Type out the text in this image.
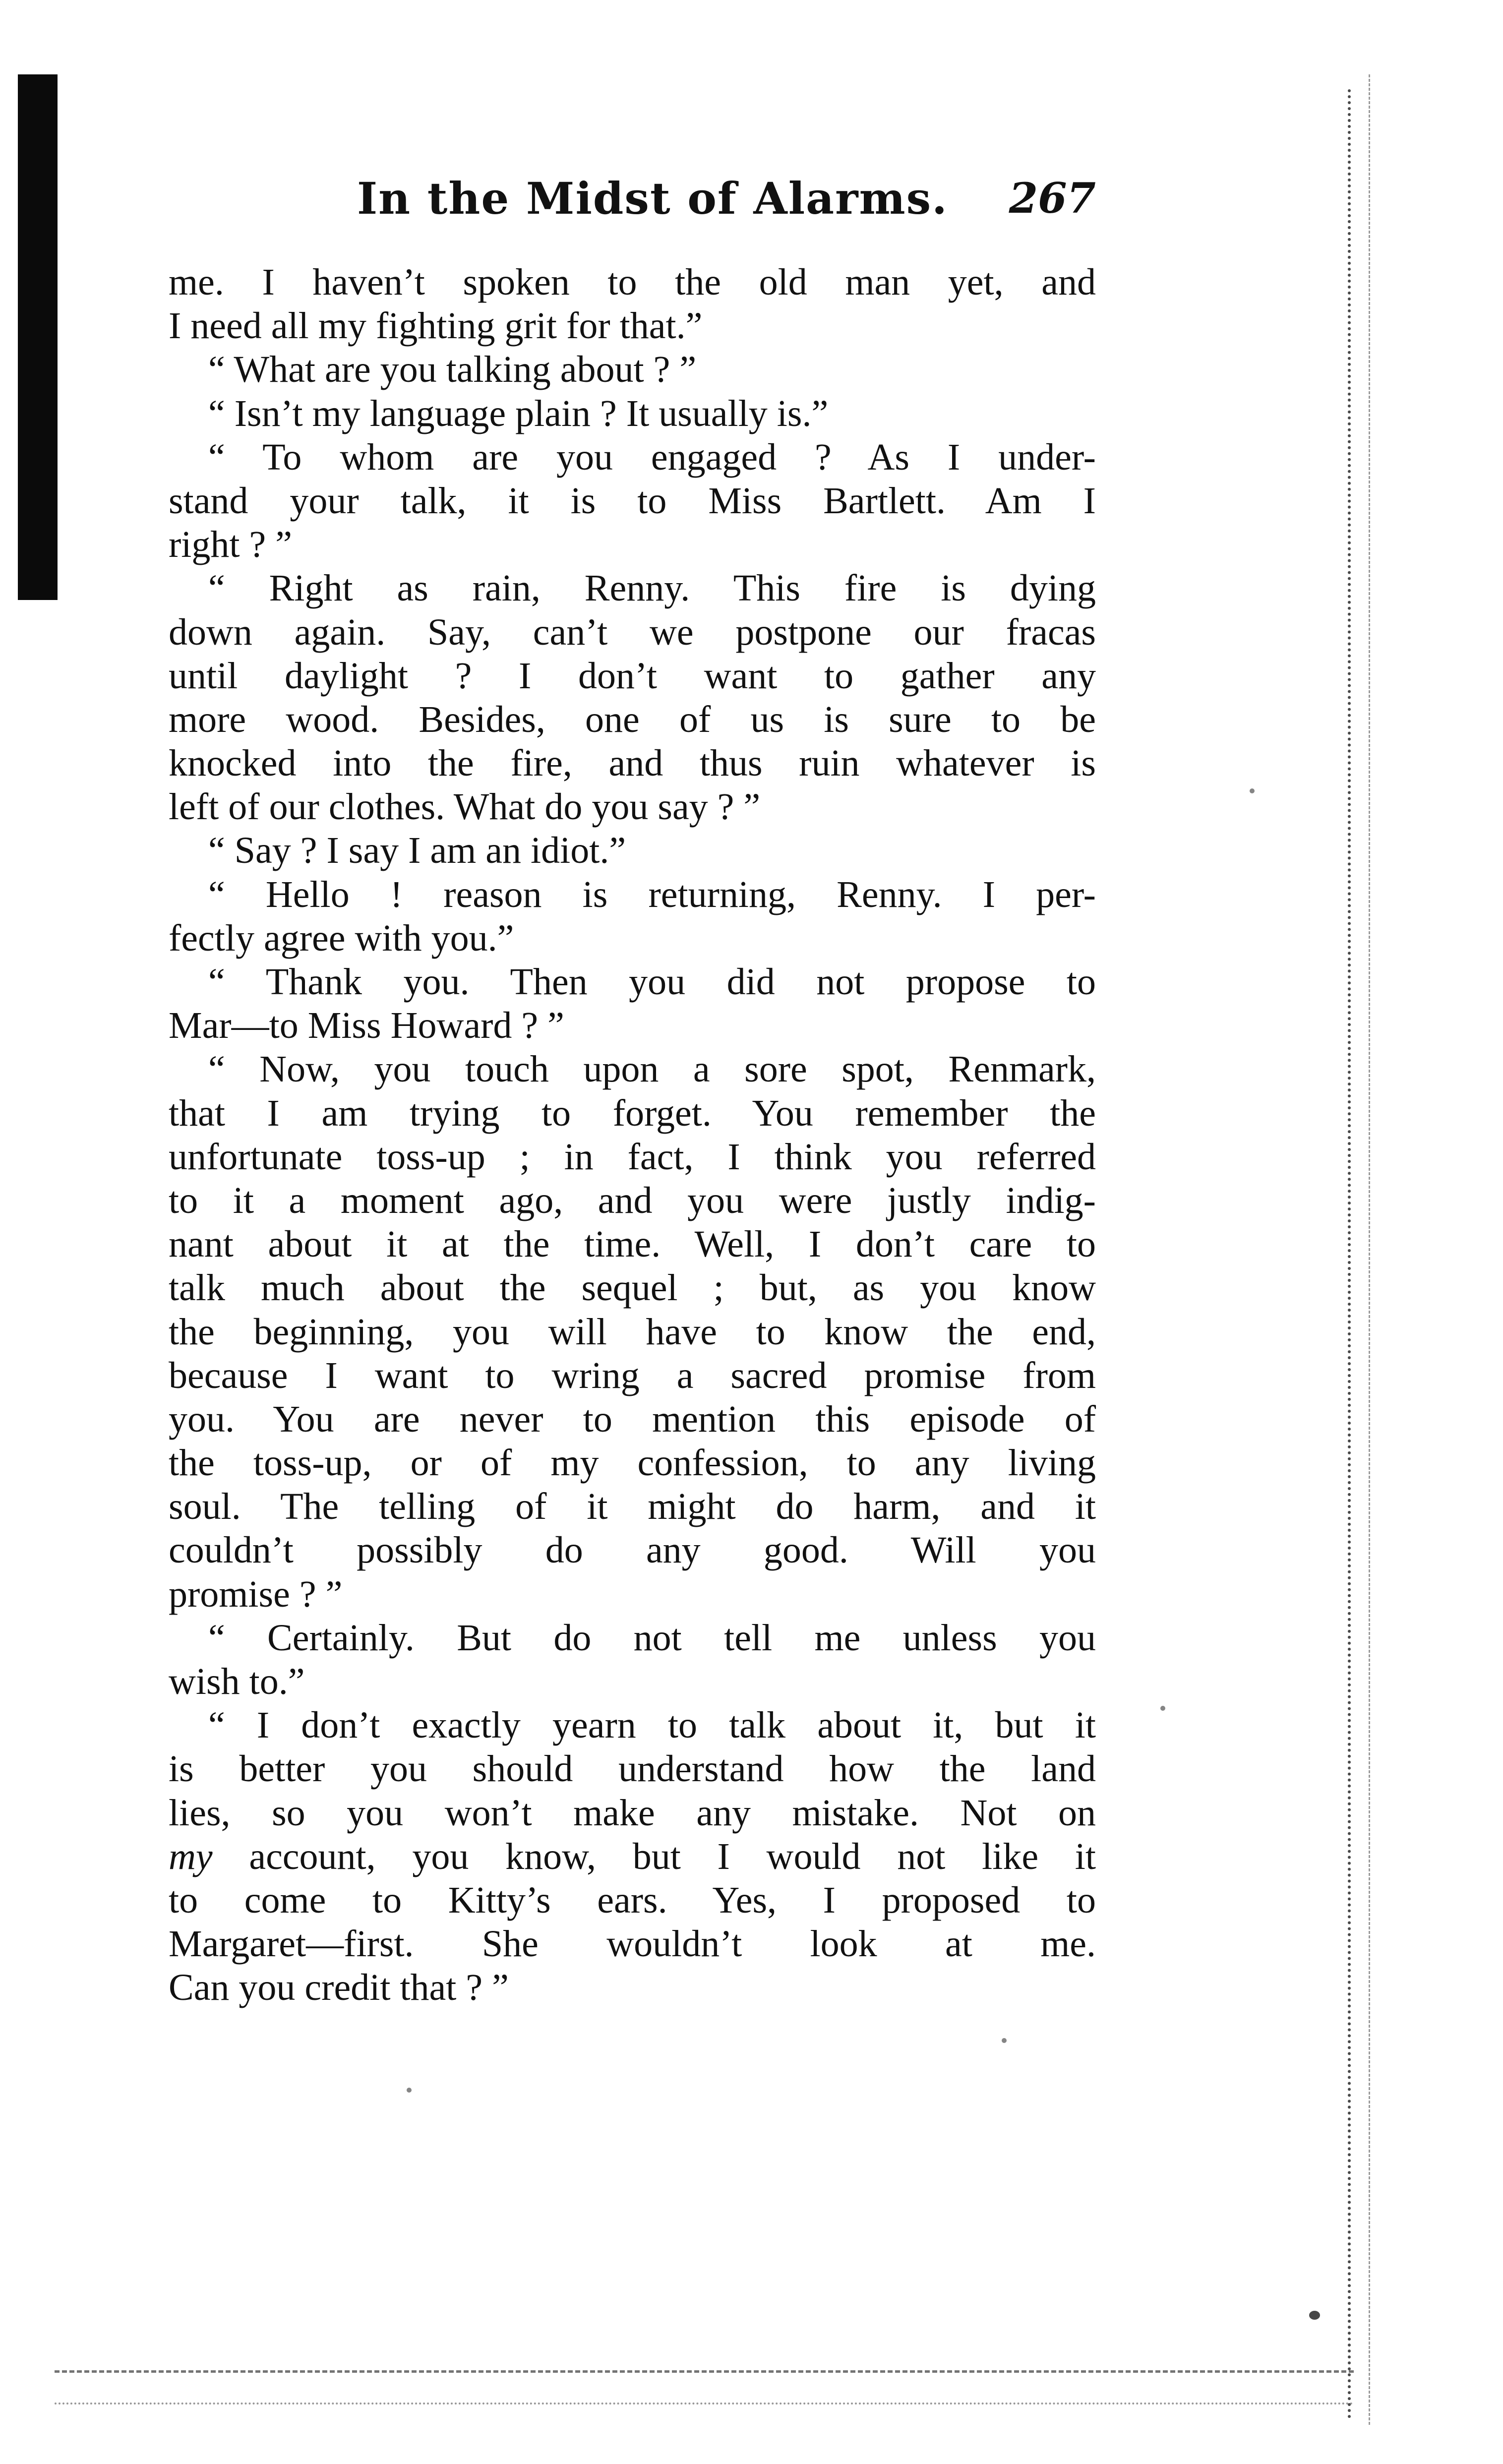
In the Midst of Alarms. 267
me. I haven’t spoken to the old man yet, and
I need all my fighting grit for that.”
“ What are you talking about ? ”
“ Isn’t my language plain ? It usually is.”
“ To whom are you engaged ? As I under-
stand your talk, it is to Miss Bartlett. Am I
right ? ”
“ Right as rain, Renny. This fire is dying
down again. Say, can’t we postpone our fracas
until daylight ? I don’t want to gather any
more wood. Besides, one of us is sure to be
knocked into the fire, and thus ruin whatever is
left of our clothes. What do you say ? ”
“ Say ? I say I am an idiot.”
“ Hello ! reason is returning, Renny. I per-
fectly agree with you.”
“ Thank you. Then you did not propose to
Mar—to Miss Howard ? ”
“ Now, you touch upon a sore spot, Renmark,
that I am trying to forget. You remember the
unfortunate toss-up ; in fact, I think you referred
to it a moment ago, and you were justly indig-
nant about it at the time. Well, I don’t care to
talk much about the sequel ; but, as you know
the beginning, you will have to know the end,
because I want to wring a sacred promise from
you. You are never to mention this episode of
the toss-up, or of my confession, to any living
soul. The telling of it might do harm, and it
couldn’t possibly do any good. Will you
promise ? ”
“ Certainly. But do not tell me unless you
wish to.”
“ I don’t exactly yearn to talk about it, but it
is better you should understand how the land
lies, so you won’t make any mistake. Not on
my account, you know, but I would not like it
to come to Kitty’s ears. Yes, I proposed to
Margaret—first. She wouldn’t look at me.
Can you credit that ? ”
